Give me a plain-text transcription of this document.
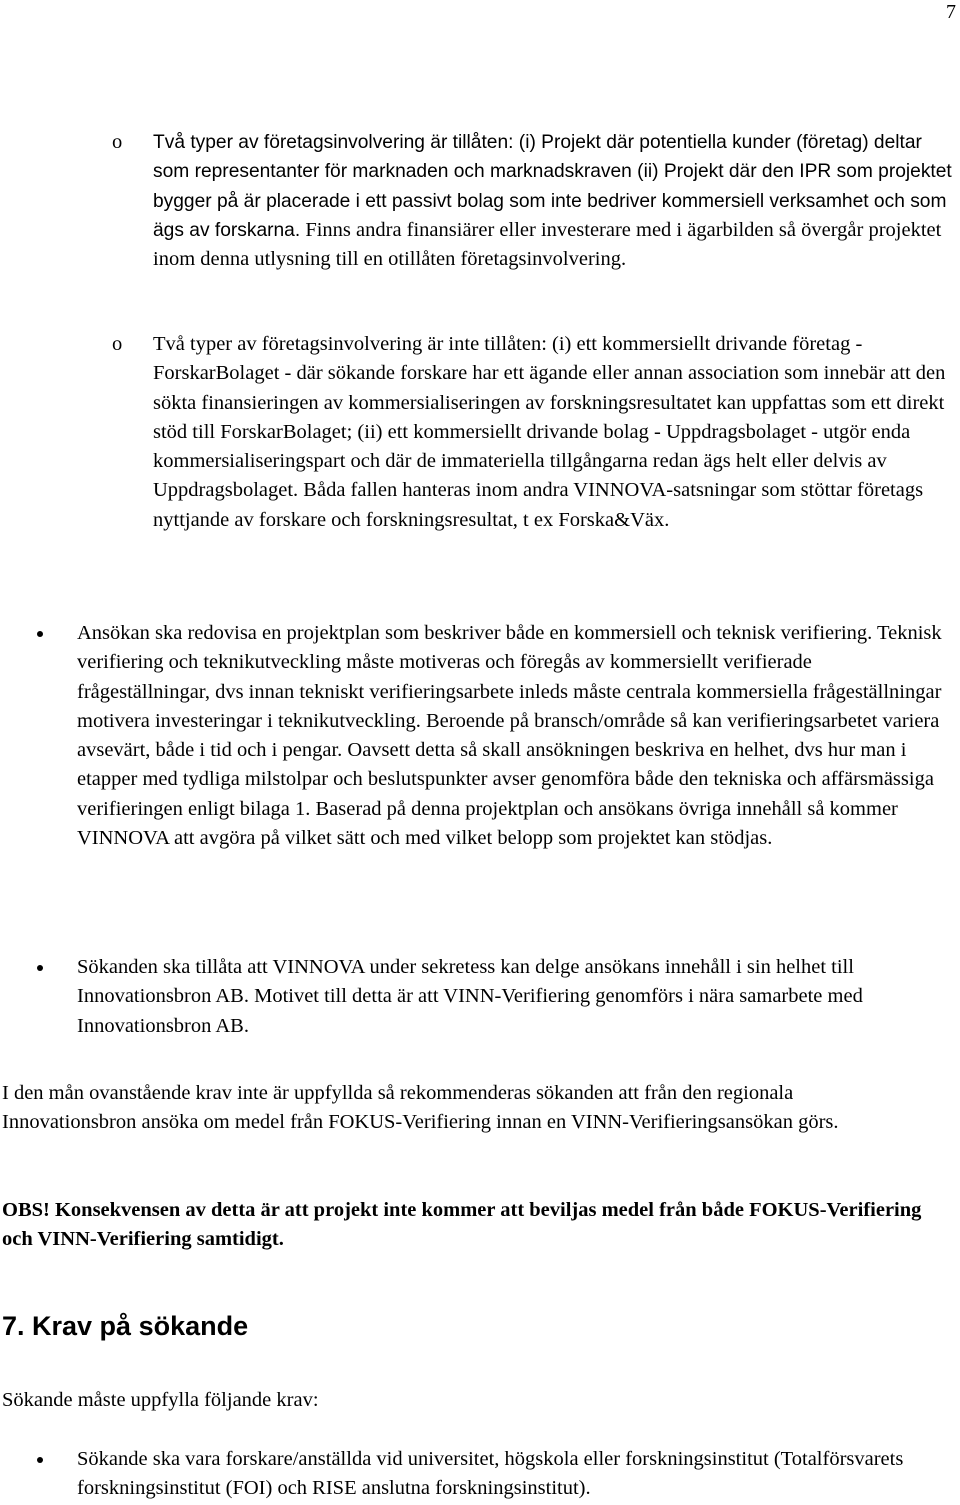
7
o Två typer av företagsinvolvering är tillåten: (i) Projekt där potentiella kunder (företag) deltar som representanter för marknaden och marknadskraven (ii) Projekt där den IPR som projektet bygger på är placerade i ett passivt bolag som inte bedriver kommersiell verksamhet och som ägs av forskarna. Finns andra finansiärer eller investerare med i ägarbilden så övergår projektet inom denna utlysning till en otillåten företagsinvolvering.
o Två typer av företagsinvolvering är inte tillåten: (i) ett kommersiellt drivande företag - ForskarBolaget - där sökande forskare har ett ägande eller annan association som innebär att den sökta finansieringen av kommersialiseringen av forskningsresultatet kan uppfattas som ett direkt stöd till ForskarBolaget; (ii) ett kommersiellt drivande bolag - Uppdragsbolaget - utgör enda kommersialiseringspart och där de immateriella tillgångarna redan ägs helt eller delvis av Uppdragsbolaget. Båda fallen hanteras inom andra VINNOVA-satsningar som stöttar företags nyttjande av forskare och forskningsresultat, t ex Forska&Väx.
Ansökan ska redovisa en projektplan som beskriver både en kommersiell och teknisk verifiering. Teknisk verifiering och teknikutveckling måste motiveras och föregås av kommersiellt verifierade frågeställningar, dvs innan tekniskt verifieringsarbete inleds måste centrala kommersiella frågeställningar motivera investeringar i teknikutveckling. Beroende på bransch/område så kan verifieringsarbetet variera avsevärt, både i tid och i pengar. Oavsett detta så skall ansökningen beskriva en helhet, dvs hur man i etapper med tydliga milstolpar och beslutspunkter avser genomföra både den tekniska och affärsmässiga verifieringen enligt bilaga 1. Baserad på denna projektplan och ansökans övriga innehåll så kommer VINNOVA att avgöra på vilket sätt och med vilket belopp som projektet kan stödjas.
Sökanden ska tillåta att VINNOVA under sekretess kan delge ansökans innehåll i sin helhet till Innovationsbron AB. Motivet till detta är att VINN-Verifiering genomförs i nära samarbete med Innovationsbron AB.

I den mån ovanstående krav inte är uppfyllda så rekommenderas sökanden att från den regionala Innovationsbron ansöka om medel från FOKUS-Verifiering innan en VINN-Verifieringsansökan görs.

OBS! Konsekvensen av detta är att projekt inte kommer att beviljas medel från både FOKUS-Verifiering och VINN-Verifiering samtidigt.

7. Krav på sökande

Sökande måste uppfylla följande krav:

Sökande ska vara forskare/anställda vid universitet, högskola eller forskningsinstitut (Totalförsvarets forskningsinstitut (FOI) och RISE anslutna forskningsinstitut).
